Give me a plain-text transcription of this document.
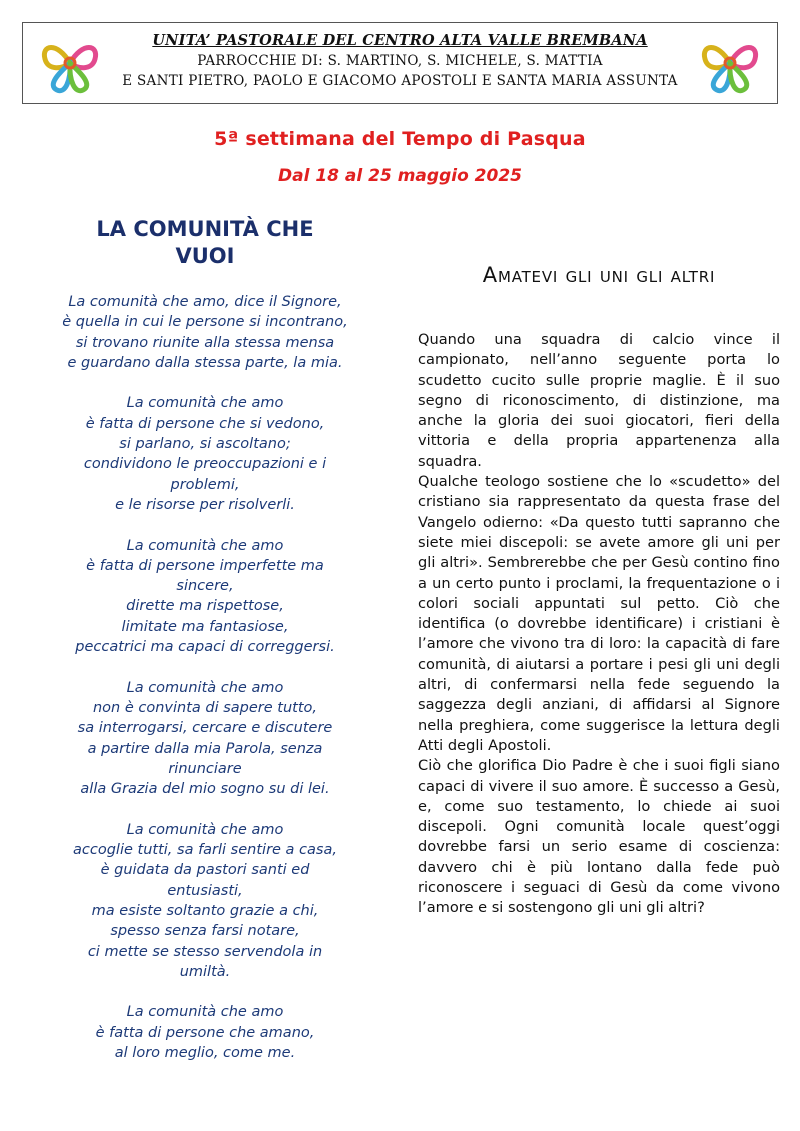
UNITA’ PASTORALE DEL CENTRO ALTA VALLE BREMBANA
PARROCCHIE DI: S. MARTINO, S. MICHELE, S. MATTIA
E SANTI PIETRO, PAOLO E GIACOMO APOSTOLI E SANTA MARIA ASSUNTA
5ª settimana del Tempo di Pasqua
Dal 18 al 25 maggio 2025
LA COMUNITÀ CHE
VUOI
La comunità che amo, dice il Signore,
è quella in cui le persone si incontrano,
si trovano riunite alla stessa mensa
e guardano dalla stessa parte, la mia.
La comunità che amo
è fatta di persone che si vedono,
si parlano, si ascoltano;
condividono le preoccupazioni e i
problemi,
e le risorse per risolverli.
La comunità che amo
è fatta di persone imperfette ma
sincere,
dirette ma rispettose,
limitate ma fantasiose,
peccatrici ma capaci di correggersi.
La comunità che amo
non è convinta di sapere tutto,
sa interrogarsi, cercare e discutere
a partire dalla mia Parola, senza
rinunciare
alla Grazia del mio sogno su di lei.
La comunità che amo
accoglie tutti, sa farli sentire a casa,
è guidata da pastori santi ed
entusiasti,
ma esiste soltanto grazie a chi,
spesso senza farsi notare,
ci mette se stesso servendola in
umiltà.
La comunità che amo
è fatta di persone che amano,
al loro meglio, come me.
Amatevi gli uni gli altri

Quando una squadra di calcio vince il campionato, nell’anno seguente porta lo scudetto cucito sulle proprie maglie. È il suo segno di riconoscimento, di distinzione, ma anche la gloria dei suoi giocatori, fieri della vittoria e della propria appartenenza alla squadra.

Qualche teologo sostiene che lo «scudetto» del cristiano sia rappresentato da questa frase del Vangelo odierno: «Da questo tutti sapranno che siete miei discepoli: se avete amore gli uni per gli altri». Sembrerebbe che per Gesù contino fino a un certo punto i proclami, la frequentazione o i colori sociali appuntati sul petto. Ciò che identifica (o dovrebbe identificare) i cristiani è l’amore che vivono tra di loro: la capacità di fare comunità, di aiutarsi a portare i pesi gli uni degli altri, di confermarsi nella fede seguendo la saggezza degli anziani, di affidarsi al Signore nella preghiera, come suggerisce la lettura degli Atti degli Apostoli.

Ciò che glorifica Dio Padre è che i suoi figli siano capaci di vivere il suo amore. È successo a Gesù, e, come suo testamento, lo chiede ai suoi discepoli. Ogni comunità locale quest’oggi dovrebbe farsi un serio esame di coscienza: davvero chi è più lontano dalla fede può riconoscere i seguaci di Gesù da come vivono l’amore e si sostengono gli uni gli altri?
